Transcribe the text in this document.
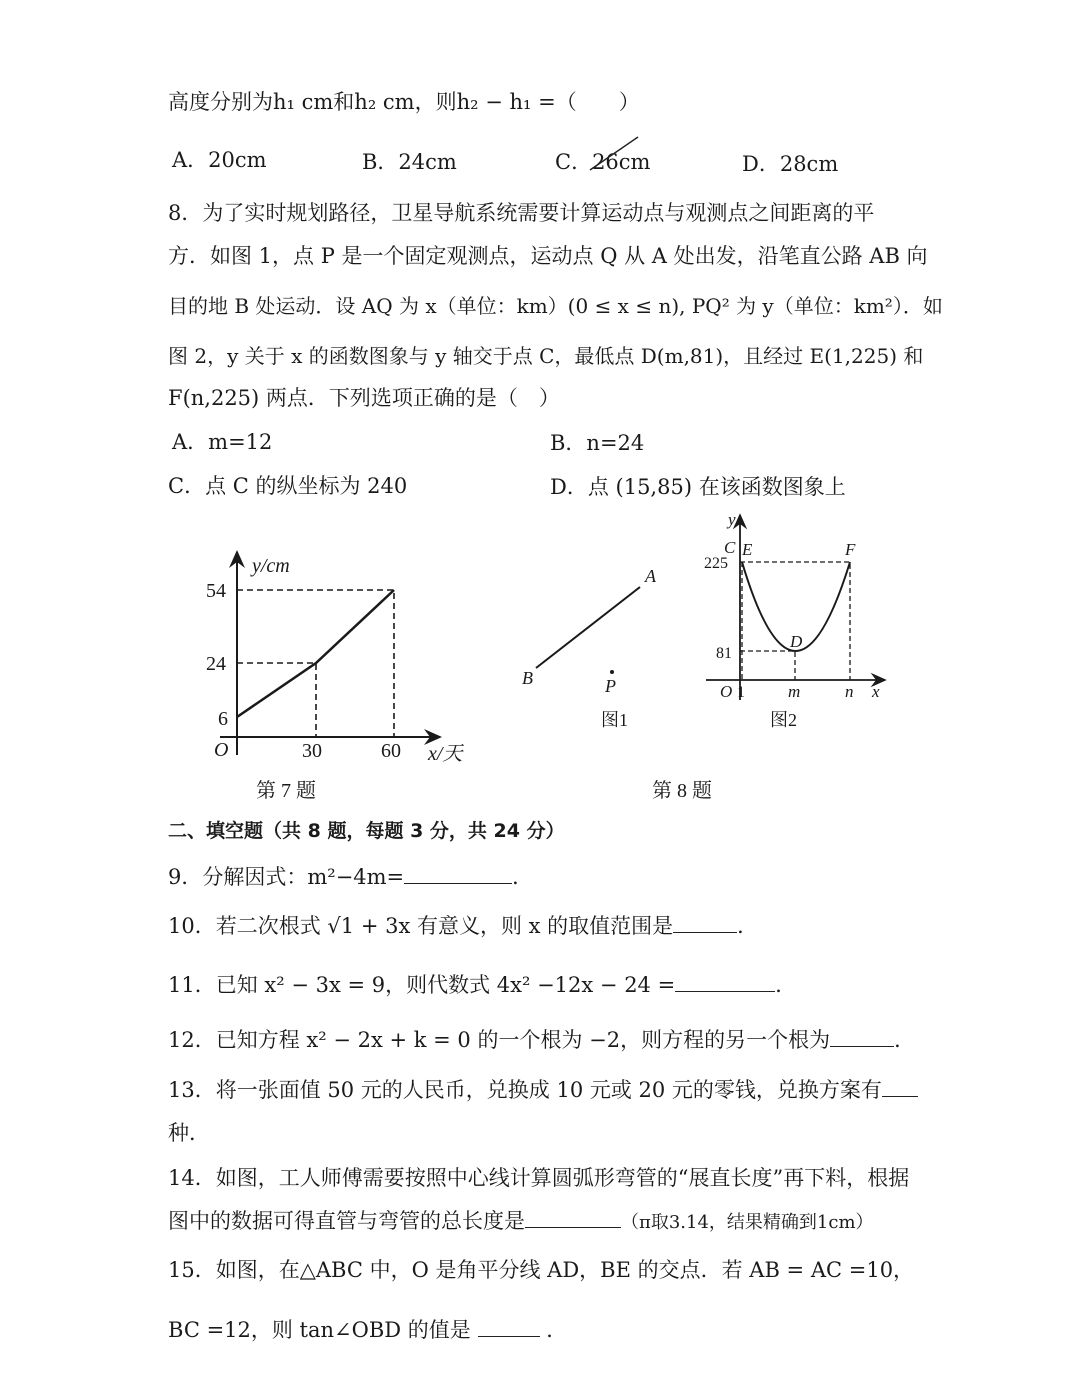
高度分别为h₁ cm和h₂ cm，则h₂ − h₁ =（　　）
A．20cm	B．24cm	C．26cm	D．28cm
8．为了实时规划路径，卫星导航系统需要计算运动点与观测点之间距离的平
方．如图 1，点 P 是一个固定观测点，运动点 Q 从 A 处出发，沿笔直公路 AB 向
目的地 B 处运动．设 AQ 为 x（单位：km）(0 ≤ x ≤ n), PQ² 为 y（单位：km²）．如
图 2，y 关于 x 的函数图象与 y 轴交于点 C，最低点 D(m,81)，且经过 E(1,225) 和
F(n,225) 两点．下列选项正确的是（　）
A．m=12	B．n=24
C．点 C 的纵坐标为 240	D．点 (15,85) 在该函数图象上
y/cm
x/天
O
54
24
6
30	60
第 7 题
A
B	P
图1
y
x
C E	F
D
225
81
O 1	m	n
图2
第 8 题
二、填空题（共 8 题，每题 3 分，共 24 分）
9．分解因式：m²−4m=	．
10．若二次根式 √1 + 3x 有意义，则 x 的取值范围是	．
11．已知 x² − 3x = 9，则代数式 4x² −12x − 24 =	．
12．已知方程 x² − 2x + k = 0 的一个根为 −2，则方程的另一个根为	．
13．将一张面值 50 元的人民币，兑换成 10 元或 20 元的零钱，兑换方案有
种．
14．如图，工人师傅需要按照中心线计算圆弧形弯管的“展直长度”再下料，根据
图中的数据可得直管与弯管的总长度是	（π取3.14，结果精确到1cm）
15．如图，在△ABC 中，O 是角平分线 AD，BE 的交点．若 AB = AC =10，
BC =12，则 tan∠OBD 的值是	．
